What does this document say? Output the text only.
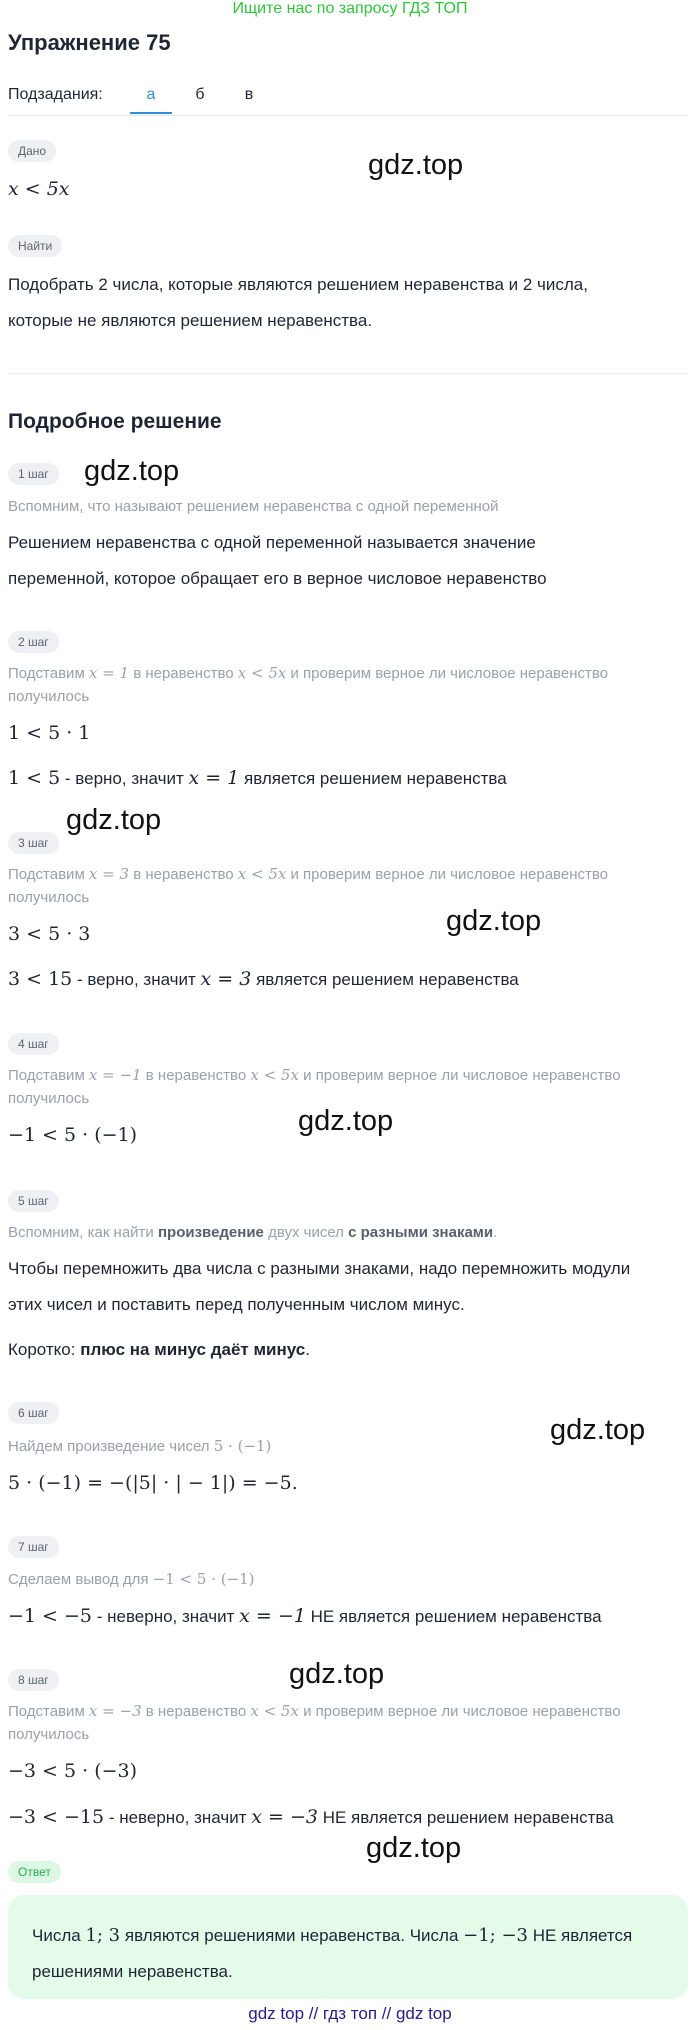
Ищите нас по запросу ГДЗ ТОП
Упражнение 75
Подзадания:	а	б	в
Дано
x < 5x
Найти
Подобрать 2 числа, которые являются решением неравенства и 2 числа,
которые не являются решением неравенства.
Подробное решение
1 шаг
Вспомним, что называют решением неравенства с одной переменной
Решением неравенства с одной переменной называется значение
переменной, которое обращает его в верное числовое неравенство
2 шаг
Подставим x = 1 в неравенство x < 5x и проверим верное ли числовое неравенство
получилось
1 < 5 · 1
1 < 5 - верно, значит x = 1 является решением неравенства
3 шаг
Подставим x = 3 в неравенство x < 5x и проверим верное ли числовое неравенство
получилось
3 < 5 · 3
3 < 15 - верно, значит x = 3 является решением неравенства
4 шаг
Подставим x = −1 в неравенство x < 5x и проверим верное ли числовое неравенство
получилось
−1 < 5 · (−1)
5 шаг
Вспомним, как найти произведение двух чисел с разными знаками.
Чтобы перемножить два числа с разными знаками, надо перемножить модули
этих чисел и поставить перед полученным числом минус.
Коротко: плюс на минус даёт минус.
6 шаг
Найдем произведение чисел 5 · (−1)
5 · (−1) = −(|5| · | − 1|) = −5.
7 шаг
Сделаем вывод для −1 < 5 · (−1)
−1 < −5 - неверно, значит x = −1 НЕ является решением неравенства
8 шаг
Подставим x = −3 в неравенство x < 5x и проверим верное ли числовое неравенство
получилось
−3 < 5 · (−3)
−3 < −15 - неверно, значит x = −3 НЕ является решением неравенства
Ответ
Числа 1; 3 являются решениями неравенства. Числа −1; −3 НЕ является
решениями неравенства.
gdz.top
gdz.top
gdz.top
gdz.top
gdz.top
gdz.top
gdz.top
gdz.top
gdz top // гдз топ // gdz top
